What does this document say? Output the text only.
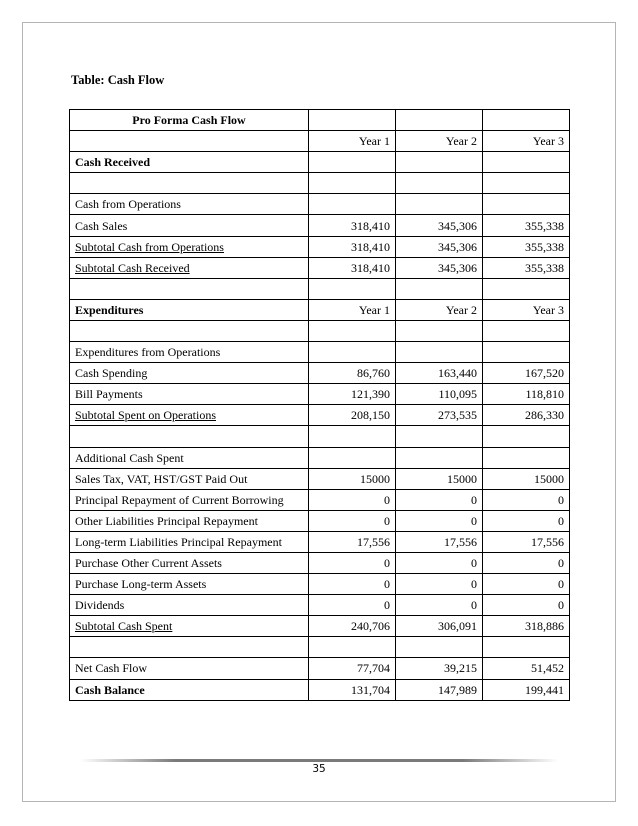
Table: Cash Flow
Pro Forma Cash Flow			
	Year 1	Year 2	Year 3
Cash Received			

Cash from Operations			
Cash Sales	318,410	345,306	355,338
Subtotal Cash from Operations	318,410	345,306	355,338
Subtotal Cash Received	318,410	345,306	355,338

Expenditures	Year 1	Year 2	Year 3

Expenditures from Operations			
Cash Spending	86,760	163,440	167,520
Bill Payments	121,390	110,095	118,810
Subtotal Spent on Operations	208,150	273,535	286,330

Additional Cash Spent			
Sales Tax, VAT, HST/GST Paid Out	15000	15000	15000
Principal Repayment of Current Borrowing	0	0	0
Other Liabilities Principal Repayment	0	0	0
Long-term Liabilities Principal Repayment	17,556	17,556	17,556
Purchase Other Current Assets	0	0	0
Purchase Long-term Assets	0	0	0
Dividends	0	0	0
Subtotal Cash Spent	240,706	306,091	318,886

Net Cash Flow	77,704	39,215	51,452
Cash Balance	131,704	147,989	199,441
35
